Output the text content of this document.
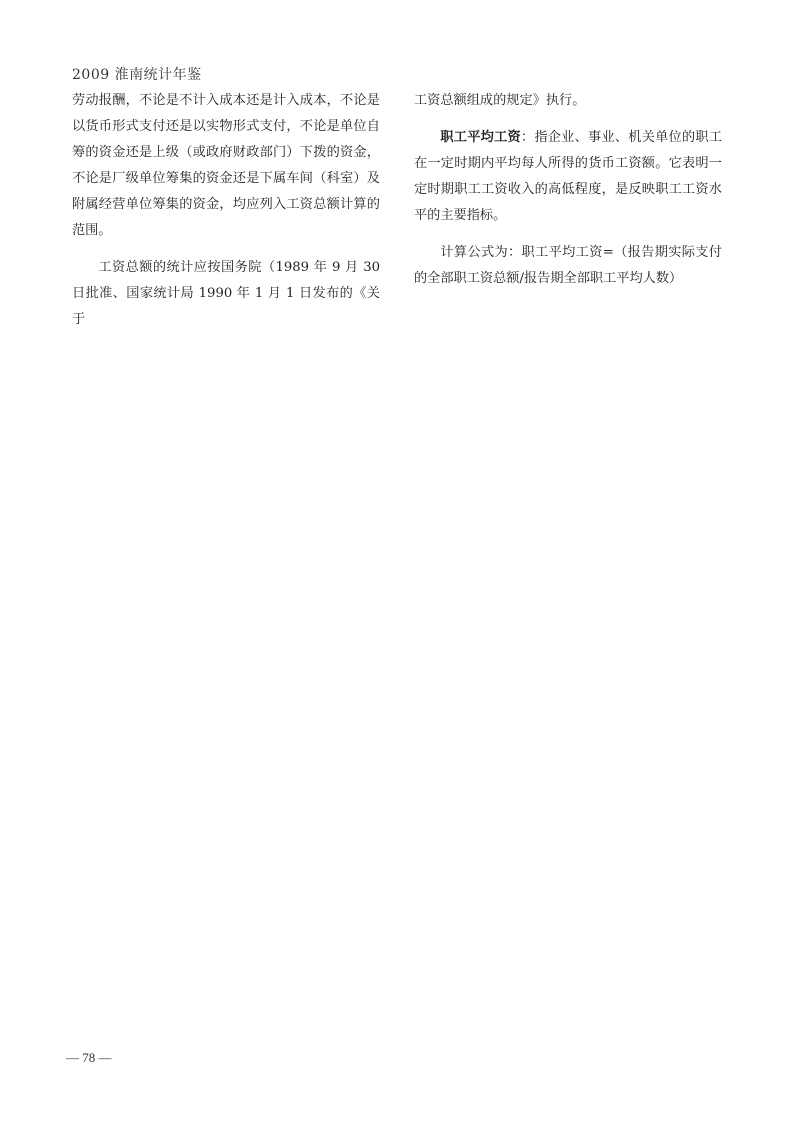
2009 淮南统计年鉴

劳动报酬，不论是不计入成本还是计入成本，不论是以货币形式支付还是以实物形式支付，不论是单位自筹的资金还是上级（或政府财政部门）下拨的资金，不论是厂级单位筹集的资金还是下属车间（科室）及附属经营单位筹集的资金，均应列入工资总额计算的范围。

工资总额的统计应按国务院（1989 年 9 月 30 日批准、国家统计局 1990 年 1 月 1 日发布的《关于

工资总额组成的规定》执行。

职工平均工资：指企业、事业、机关单位的职工在一定时期内平均每人所得的货币工资额。它表明一定时期职工工资收入的高低程度，是反映职工工资水平的主要指标。

计算公式为：职工平均工资=（报告期实际支付的全部职工资总额/报告期全部职工平均人数）

— 78 —
